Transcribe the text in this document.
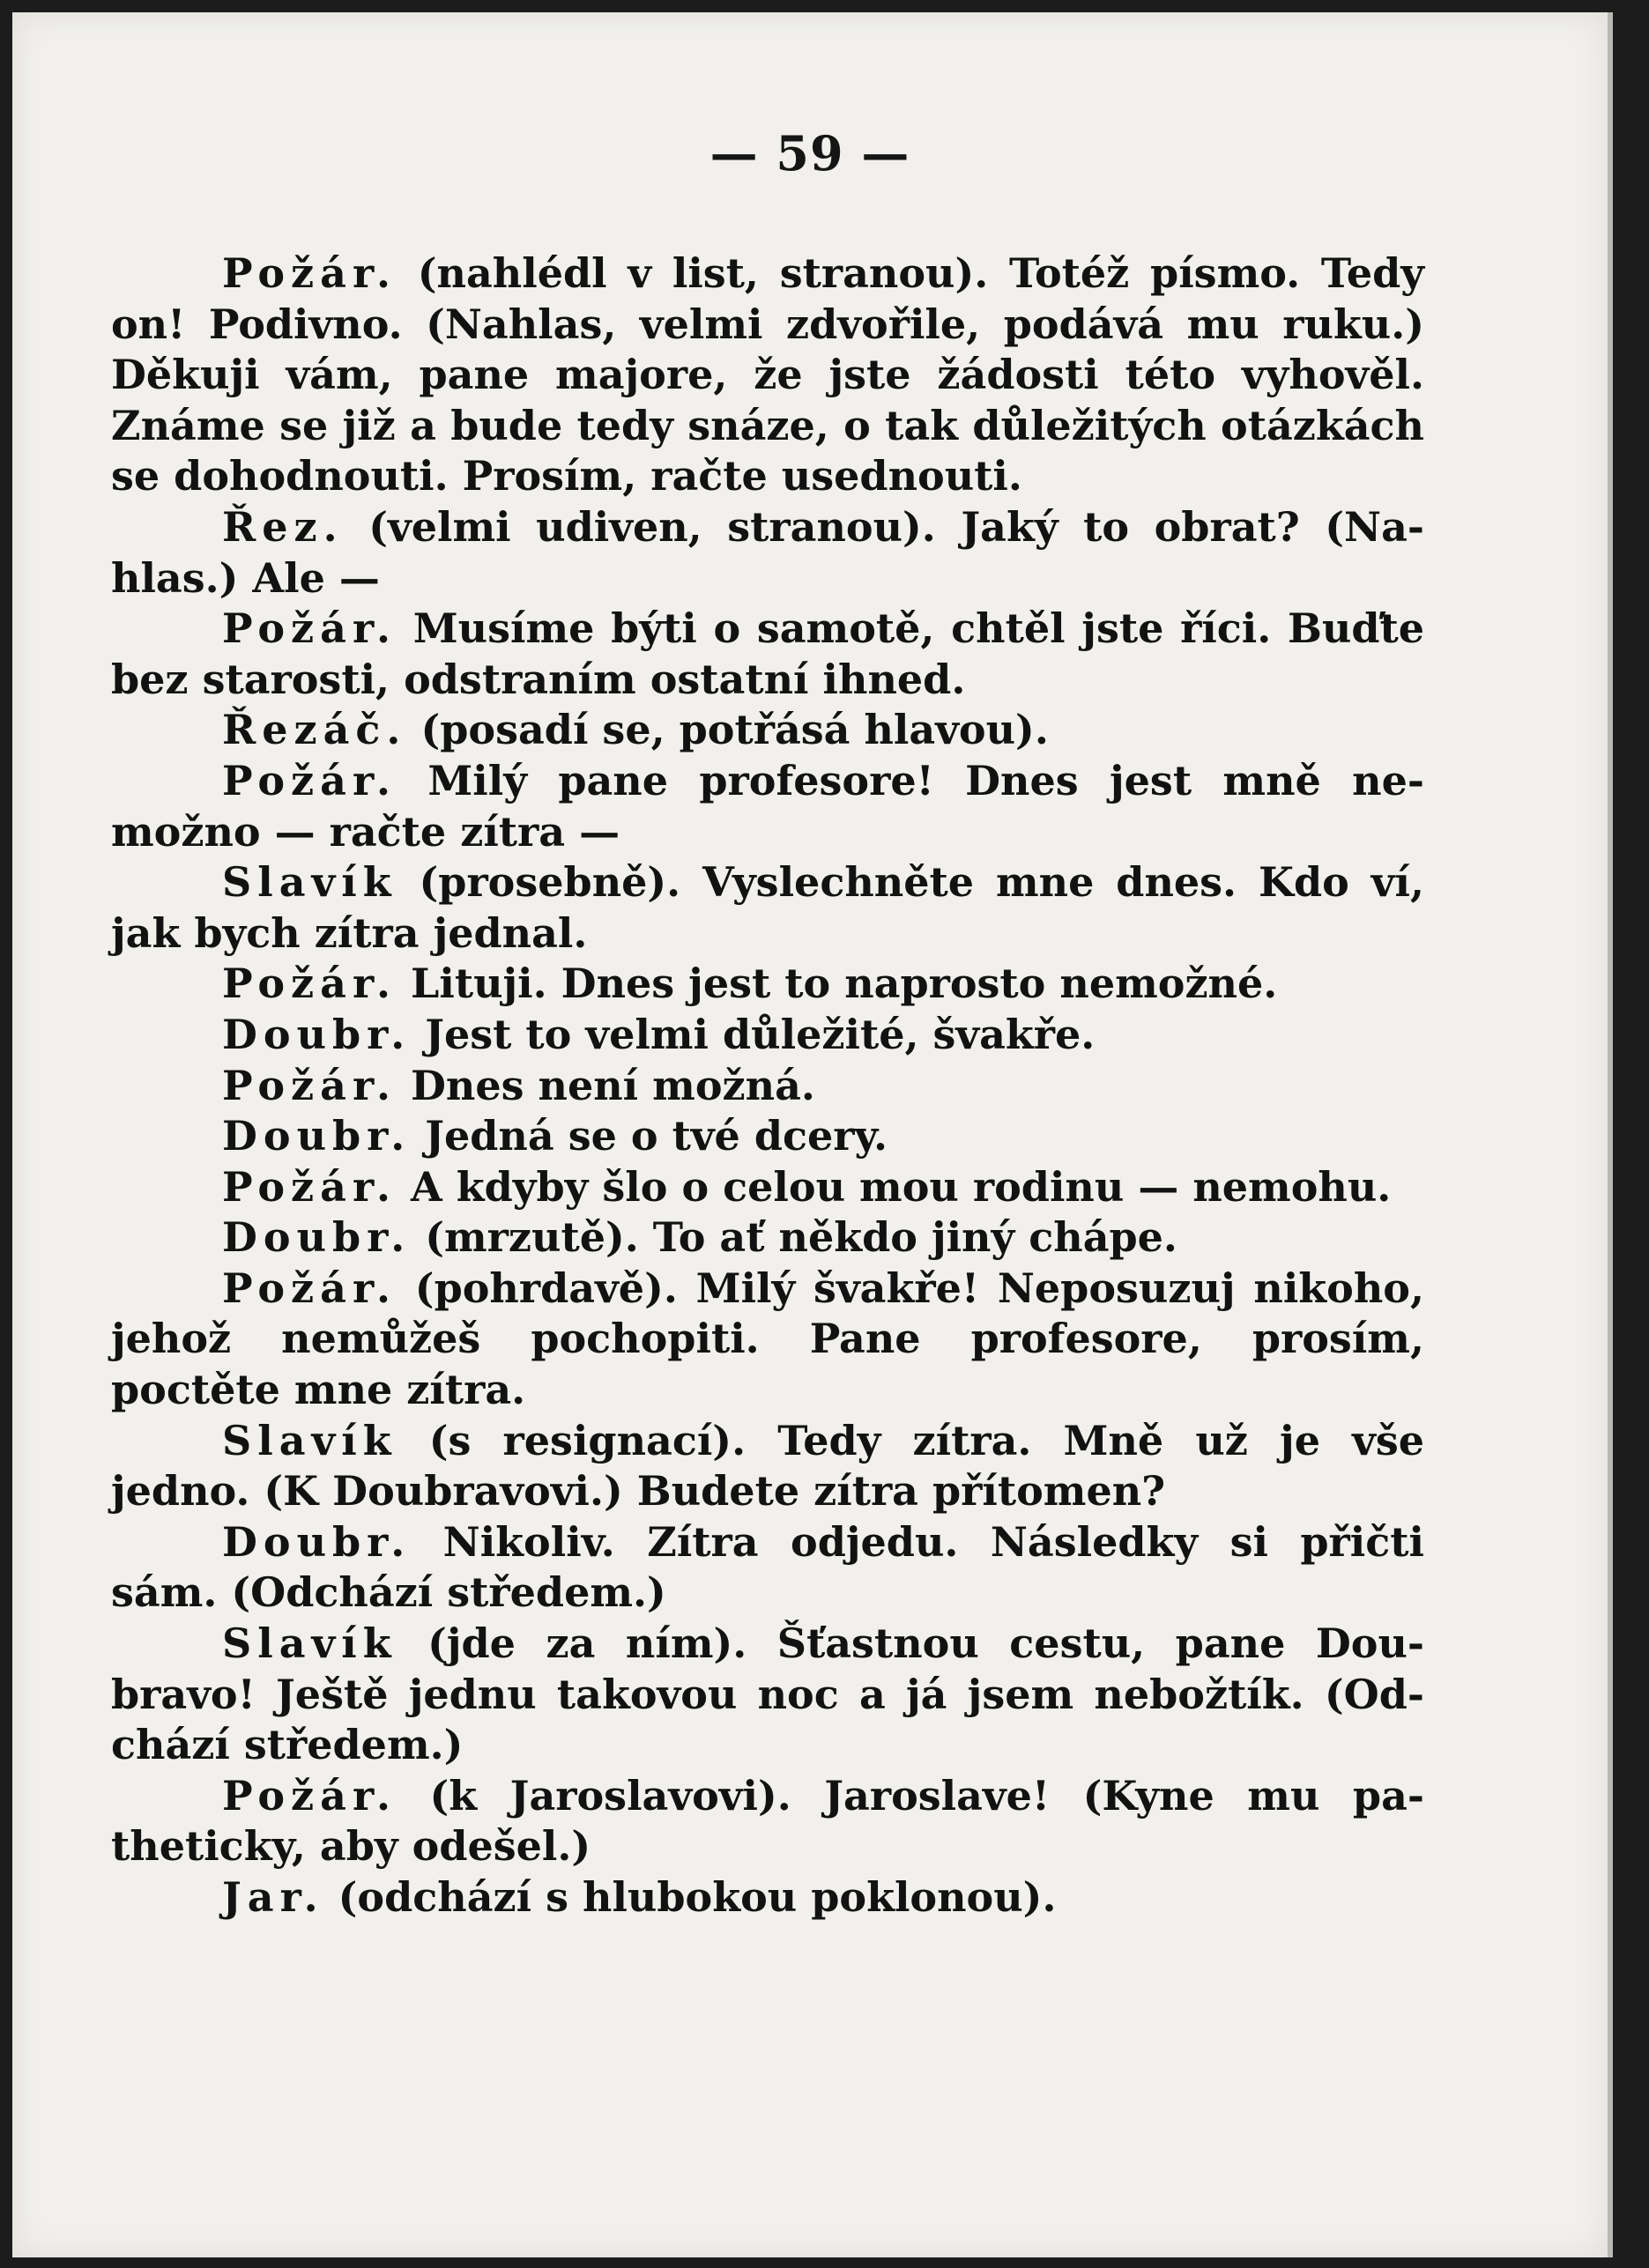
— 59 —

Požár. (nahlédl v list, stranou). Totéž písmo. Tedy on! Podivno. (Nahlas, velmi zdvořile, podává mu ruku.) Děkuji vám, pane majore, že jste žádosti této vyhověl. Známe se již a bude tedy snáze, o tak důležitých otázkách se dohodnouti. Prosím, račte usednouti.

Řez. (velmi udiven, stranou). Jaký to obrat? (Nahlas.) Ale —

Požár. Musíme býti o samotě, chtěl jste říci. Buďte bez starosti, odstraním ostatní ihned.

Řezáč. (posadí se, potřásá hlavou).

Požár. Milý pane profesore! Dnes jest mně nemožno — račte zítra —

Slavík (prosebně). Vyslechněte mne dnes. Kdo ví, jak bych zítra jednal.

Požár. Lituji. Dnes jest to naprosto nemožné.

Doubr. Jest to velmi důležité, švakře.

Požár. Dnes není možná.

Doubr. Jedná se o tvé dcery.

Požár. A kdyby šlo o celou mou rodinu — nemohu.

Doubr. (mrzutě). To ať někdo jiný chápe.

Požár. (pohrdavě). Milý švakře! Neposuzuj nikoho, jehož nemůžeš pochopiti. Pane profesore, prosím, poctěte mne zítra.

Slavík (s resignací). Tedy zítra. Mně už je vše jedno. (K Doubravovi.) Budete zítra přítomen?

Doubr. Nikoliv. Zítra odjedu. Následky si přičti sám. (Odchází středem.)

Slavík (jde za ním). Šťastnou cestu, pane Doubravo! Ještě jednu takovou noc a já jsem nebožtík. (Odchází středem.)

Požár. (k Jaroslavovi). Jaroslave! (Kyne mu patheticky, aby odešel.)

Jar. (odchází s hlubokou poklonou).
